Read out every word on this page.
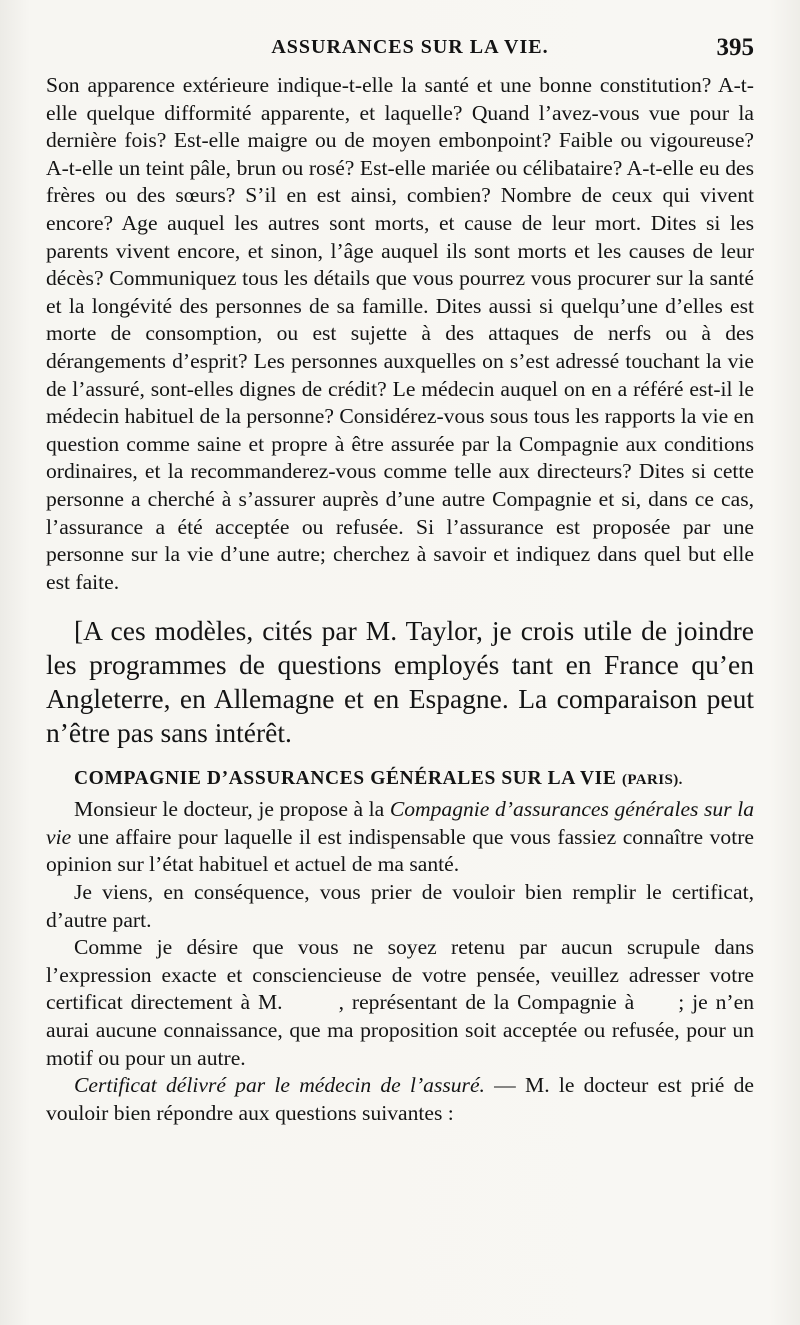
ASSURANCES SUR LA VIE.	395

Son apparence extérieure indique-t-elle la santé et une bonne constitution? A-t-elle quelque difformité apparente, et laquelle? Quand l’avez-vous vue pour la dernière fois? Est-elle maigre ou de moyen embonpoint? Faible ou vigoureuse? A-t-elle un teint pâle, brun ou rosé? Est-elle mariée ou célibataire? A-t-elle eu des frères ou des sœurs? S’il en est ainsi, combien? Nombre de ceux qui vivent encore? Age auquel les autres sont morts, et cause de leur mort. Dites si les parents vivent encore, et sinon, l’âge auquel ils sont morts et les causes de leur décès? Communiquez tous les détails que vous pourrez vous procurer sur la santé et la longévité des personnes de sa famille. Dites aussi si quelqu’une d’elles est morte de consomption, ou est sujette à des attaques de nerfs ou à des dérangements d’esprit? Les personnes auxquelles on s’est adressé touchant la vie de l’assuré, sont-elles dignes de crédit? Le médecin auquel on en a référé est-il le médecin habituel de la personne? Considérez-vous sous tous les rapports la vie en question comme saine et propre à être assurée par la Compagnie aux conditions ordinaires, et la recommanderez-vous comme telle aux directeurs? Dites si cette personne a cherché à s’assurer auprès d’une autre Compagnie et si, dans ce cas, l’assurance a été acceptée ou refusée. Si l’assurance est proposée par une personne sur la vie d’une autre; cherchez à savoir et indiquez dans quel but elle est faite.

[A ces modèles, cités par M. Taylor, je crois utile de joindre les programmes de questions employés tant en France qu’en Angleterre, en Allemagne et en Espagne. La comparaison peut n’être pas sans intérêt.

COMPAGNIE D’ASSURANCES GÉNÉRALES SUR LA VIE (PARIS).

Monsieur le docteur, je propose à la Compagnie d’assurances générales sur la vie une affaire pour laquelle il est indispensable que vous fassiez connaître votre opinion sur l’état habituel et actuel de ma santé.

Je viens, en conséquence, vous prier de vouloir bien remplir le certificat, d’autre part.

Comme je désire que vous ne soyez retenu par aucun scrupule dans l’expression exacte et consciencieuse de votre pensée, veuillez adresser votre certificat directement à M.	, représentant de la Compagnie à ; je n’en aurai aucune connaissance, que ma proposition soit acceptée ou refusée, pour un motif ou pour un autre.

Certificat délivré par le médecin de l’assuré. — M. le docteur est prié de vouloir bien répondre aux questions suivantes :
